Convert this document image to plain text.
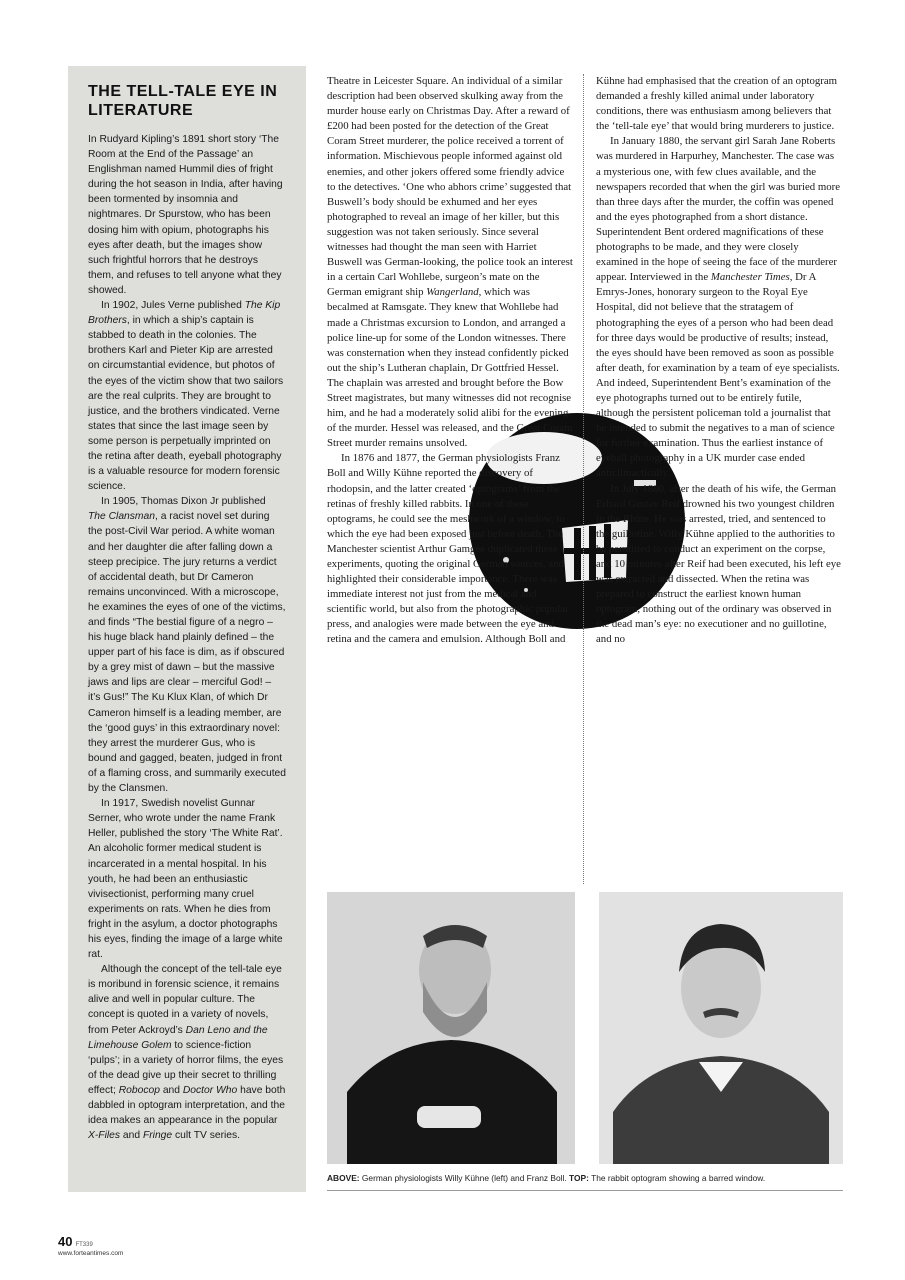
THE TELL-TALE EYE IN
LITERATURE

In Rudyard Kipling’s 1891 short story ‘The Room at the End of the Passage’ an Englishman named Hummil dies of fright during the hot season in India, after having been tormented by insomnia and nightmares. Dr Spurstow, who has been dosing him with opium, photographs his eyes after death, but the images show such frightful horrors that he destroys them, and refuses to tell anyone what they showed.

In 1902, Jules Verne published The Kip Brothers, in which a ship’s captain is stabbed to death in the colonies. The brothers Karl and Pieter Kip are arrested on circumstantial evidence, but photos of the eyes of the victim show that two sailors are the real culprits. They are brought to justice, and the brothers vindicated. Verne states that since the last image seen by some person is perpetually imprinted on the retina after death, eyeball photography is a valuable resource for modern forensic science.

In 1905, Thomas Dixon Jr published The Clansman, a racist novel set during the post-Civil War period. A white woman and her daughter die after falling down a steep precipice. The jury returns a verdict of accidental death, but Dr Cameron remains unconvinced. With a microscope, he examines the eyes of one of the victims, and finds “The bestial figure of a negro – his huge black hand plainly defined – the upper part of his face is dim, as if obscured by a grey mist of dawn – but the massive jaws and lips are clear – merciful God! – it’s Gus!” The Ku Klux Klan, of which Dr Cameron himself is a leading member, are the ‘good guys’ in this extraordinary novel: they arrest the murderer Gus, who is bound and gagged, beaten, judged in front of a flaming cross, and summarily executed by the Clansmen.

In 1917, Swedish novelist Gunnar Serner, who wrote under the name Frank Heller, published the story ‘The White Rat’. An alcoholic former medical student is incarcerated in a mental hospital. In his youth, he had been an enthusiastic vivisectionist, performing many cruel experiments on rats. When he dies from fright in the asylum, a doctor photographs his eyes, finding the image of a large white rat.

Although the concept of the tell-tale eye is moribund in forensic science, it remains alive and well in popular culture. The concept is quoted in a variety of novels, from Peter Ackroyd’s Dan Leno and the Limehouse Golem to science-fiction ‘pulps’; in a variety of horror films, the eyes of the dead give up their secret to thrilling effect; Robocop and Doctor Who have both dabbled in optogram interpretation, and the idea makes an appearance in the popular X-Files and Fringe cult TV series.

Theatre in Leicester Square. An individual of a similar description had been observed skulking away from the murder house early on Christmas Day. After a reward of £200 had been posted for the detection of the Great Coram Street murderer, the police received a torrent of information. Mischievous people informed against old enemies, and other jokers offered some friendly advice to the detectives. ‘One who abhors crime’ suggested that Buswell’s body should be exhumed and her eyes photographed to reveal an image of her killer, but this suggestion was not taken seriously. Since several witnesses had thought the man seen with Harriet Buswell was German-looking, the police took an interest in a certain Carl Wohllebe, surgeon’s mate on the German emigrant ship Wangerland, which was becalmed at Ramsgate. They knew that Wohllebe had made a Christmas excursion to London, and arranged a police line-up for some of the London witnesses. There was consternation when they instead confidently picked out the ship’s Lutheran chaplain, Dr Gottfried Hessel. The chaplain was arrested and brought before the Bow Street magistrates, but many witnesses did not recognise him, and he had a moderately solid alibi for the evening of the murder. Hessel was released, and the Great Coram Street murder remains unsolved.

In 1876 and 1877, the German physiologists Franz Boll and Willy Kühne reported the discovery of rhodopsin, and the latter created ‘optograms’ from the retinas of freshly killed rabbits. In one of these optograms, he could see the meshwork of a window, to which the eye had been exposed just before death. The Manchester scientist Arthur Gamgee duplicated these experiments, quoting the original German sources, and highlighted their considerable importance. There was immediate interest not just from the medical and scientific world, but also from the photographic popular press, and analogies were made between the eye and retina and the camera and emulsion. Although Boll and

Kühne had emphasised that the creation of an optogram demanded a freshly killed animal under laboratory conditions, there was enthusiasm among believers that the ‘tell-tale eye’ that would bring murderers to justice.

In January 1880, the servant girl Sarah Jane Roberts was murdered in Harpurhey, Manchester. The case was a mysterious one, with few clues available, and the newspapers recorded that when the girl was buried more than three days after the murder, the coffin was opened and the eyes photographed from a short distance. Superintendent Bent ordered magnifications of these photographs to be made, and they were closely examined in the hope of seeing the face of the murderer appear. Interviewed in the Manchester Times, Dr A Emrys-Jones, honorary surgeon to the Royal Eye Hospital, did not believe that the stratagem of photographing the eyes of a person who had been dead for three days would be productive of results; instead, the eyes should have been removed as soon as possible after death, for examination by a team of eye specialists. And indeed, Superintendent Bent’s examination of the eye photographs turned out to be entirely futile, although the persistent policeman told a journalist that he intended to submit the negatives to a man of science for further examination. Thus the earliest instance of eyeball photography in a UK murder case ended anticlimactically.

In July 1880, after the death of his wife, the German Erhard Gustav Reif drowned his two youngest children in the Rhine. He was arrested, tried, and sentenced to the guillotine. Willy Kühne applied to the authorities to be permitted to conduct an experiment on the corpse, and 10 minutes after Reif had been executed, his left eye was extracted and dissected. When the retina was prepared to construct the earliest known human optogram, nothing out of the ordinary was observed in the dead man’s eye: no executioner and no guillotine, and no

ABOVE: German physiologists Willy Kühne (left) and Franz Boll. TOP: The rabbit optogram showing a barred window.
40 FT339
www.forteantimes.com
